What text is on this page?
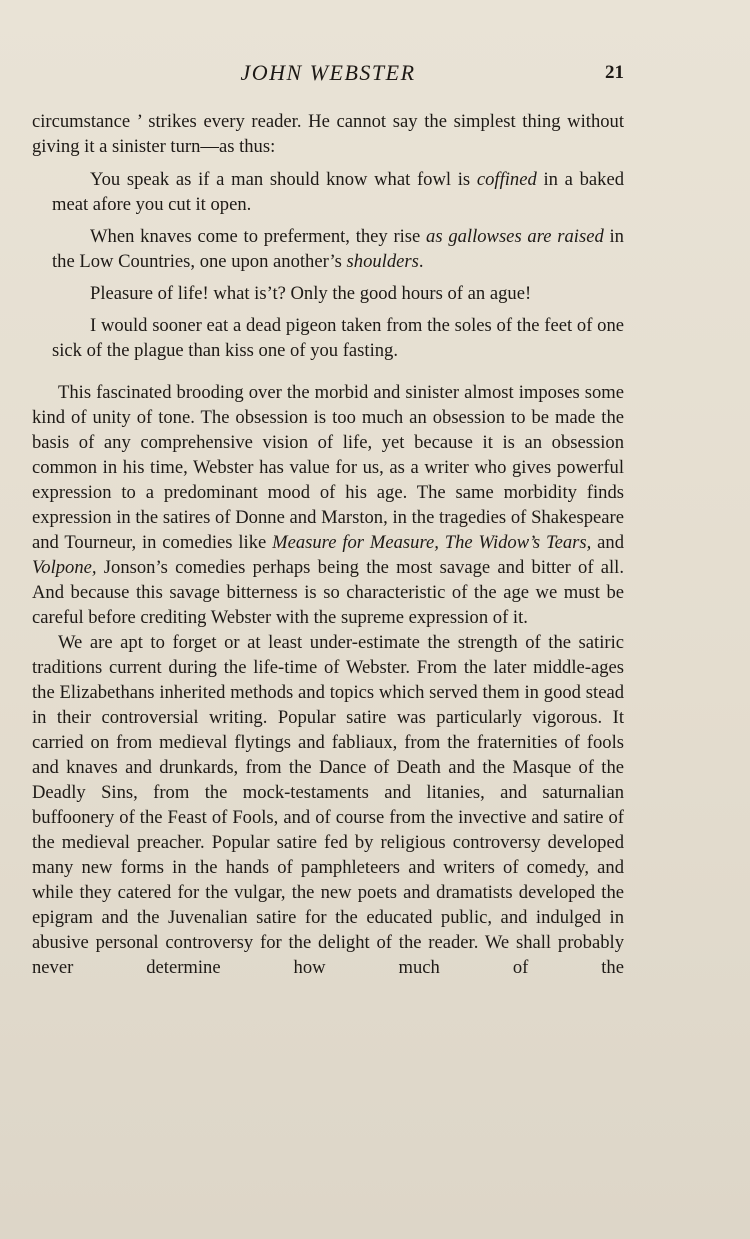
JOHN WEBSTER	21

circumstance ’ strikes every reader. He cannot say the simplest thing without giving it a sinister turn—as thus:

You speak as if a man should know what fowl is coffined in a baked meat afore you cut it open.

When knaves come to preferment, they rise as gallowses are raised in the Low Countries, one upon another’s shoulders.

Pleasure of life! what is’t? Only the good hours of an ague!

I would sooner eat a dead pigeon taken from the soles of the feet of one sick of the plague than kiss one of you fasting.

This fascinated brooding over the morbid and sinister almost imposes some kind of unity of tone. The obsession is too much an obsession to be made the basis of any comprehensive vision of life, yet because it is an obsession common in his time, Webster has value for us, as a writer who gives powerful expression to a predominant mood of his age. The same morbidity finds expression in the satires of Donne and Marston, in the tragedies of Shakespeare and Tourneur, in comedies like Measure for Measure, The Widow’s Tears, and Volpone, Jonson’s comedies perhaps being the most savage and bitter of all. And because this savage bitterness is so characteristic of the age we must be careful before crediting Webster with the supreme expression of it.

We are apt to forget or at least under-estimate the strength of the satiric traditions current during the life-time of Webster. From the later middle-ages the Elizabethans inherited methods and topics which served them in good stead in their controversial writing. Popular satire was particularly vigorous. It carried on from medieval flytings and fabliaux, from the fraternities of fools and knaves and drunkards, from the Dance of Death and the Masque of the Deadly Sins, from the mock-testaments and litanies, and saturnalian buffoonery of the Feast of Fools, and of course from the invective and satire of the medieval preacher. Popular satire fed by religious controversy developed many new forms in the hands of pamphleteers and writers of comedy, and while they catered for the vulgar, the new poets and dramatists developed the epigram and the Juvenalian satire for the educated public, and indulged in abusive personal controversy for the delight of the reader. We shall probably never determine how much of the
